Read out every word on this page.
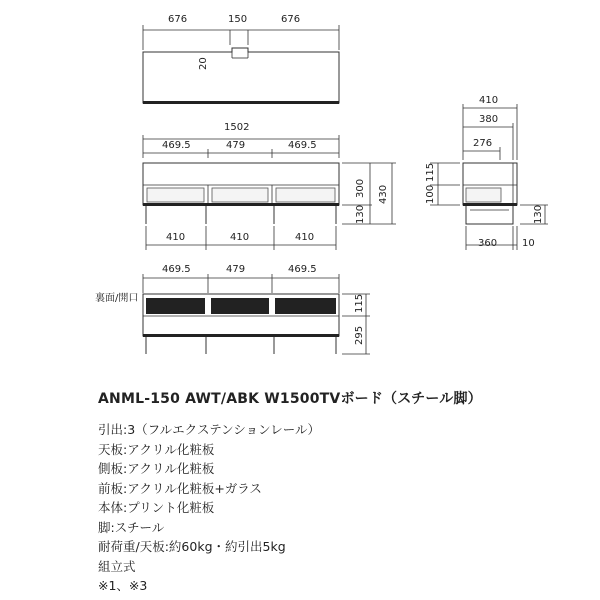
676	150	676
20
1502
469.5	479	469.5
410	410	410
300
130
430
410
380
276
115
100
130
360 10
469.5	479	469.5
115
295
裏面/開口
ANML-150 AWT/ABK W1500TVボード（スチール脚）
引出:3（フルエクステンションレール）
天板:アクリル化粧板
側板:アクリル化粧板
前板:アクリル化粧板+ガラス
本体:プリント化粧板
脚:スチール
耐荷重/天板:約60kg・約引出5kg
組立式
※1、※3
